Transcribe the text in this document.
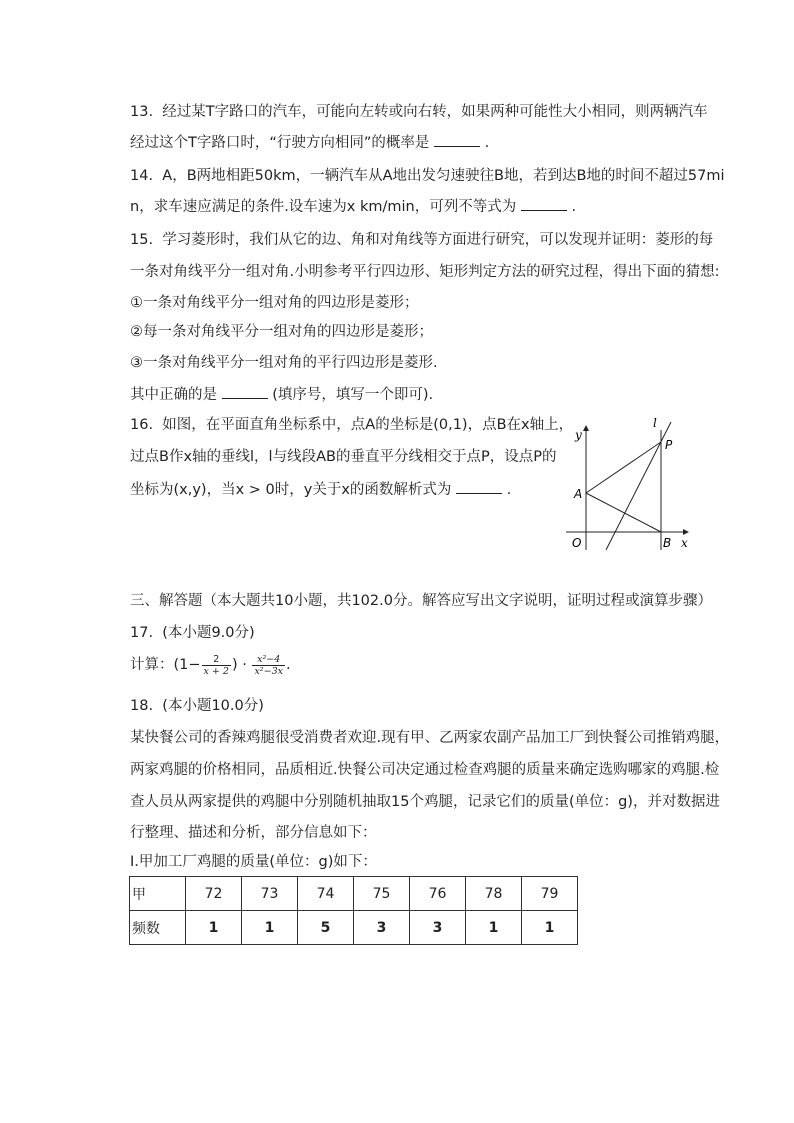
13. 经过某T字路口的汽车，可能向左转或向右转，如果两种可能性大小相同，则两辆汽车
经过这个T字路口时，“行驶方向相同”的概率是	.
14. A，B两地相距50km，一辆汽车从A地出发匀速驶往B地，若到达B地的时间不超过57mi
n，求车速应满足的条件.设车速为x km/min，可列不等式为	.
15. 学习菱形时，我们从它的边、角和对角线等方面进行研究，可以发现并证明：菱形的每
一条对角线平分一组对角.小明参考平行四边形、矩形判定方法的研究过程，得出下面的猜想:
①一条对角线平分一组对角的四边形是菱形；
②每一条对角线平分一组对角的四边形是菱形；
③一条对角线平分一组对角的平行四边形是菱形.
其中正确的是	(填序号，填写一个即可).
16. 如图，在平面直角坐标系中，点A的坐标是(0,1)，点B在x轴上，
过点B作x轴的垂线l，l与线段AB的垂直平分线相交于点P，设点P的
坐标为(x,y)，当x > 0时，y关于x的函数解析式为	.
l
y
P
A
O	B x
三、解答题（本大题共10小题，共102.0分。解答应写出文字说明，证明过程或演算步骤）
17. (本小题9.0分)
计算：($1- \frac{2}{x + 2}$ ) · $\frac{\text{x²−4}}{\text{x²−3x}}$ .
18. (本小题10.0分)
某快餐公司的香辣鸡腿很受消费者欢迎.现有甲、乙两家农副产品加工厂到快餐公司推销鸡腿，
两家鸡腿的价格相同，品质相近.快餐公司决定通过检查鸡腿的质量来确定选购哪家的鸡腿.检
查人员从两家提供的鸡腿中分别随机抽取15个鸡腿，记录它们的质量(单位：g)，并对数据进
行整理、描述和分析，部分信息如下：
Ⅰ.甲加工厂鸡腿的质量(单位：g)如下：
甲	72	73	74	75	76	78	79
频数	1	1	5	3	3	1	1
